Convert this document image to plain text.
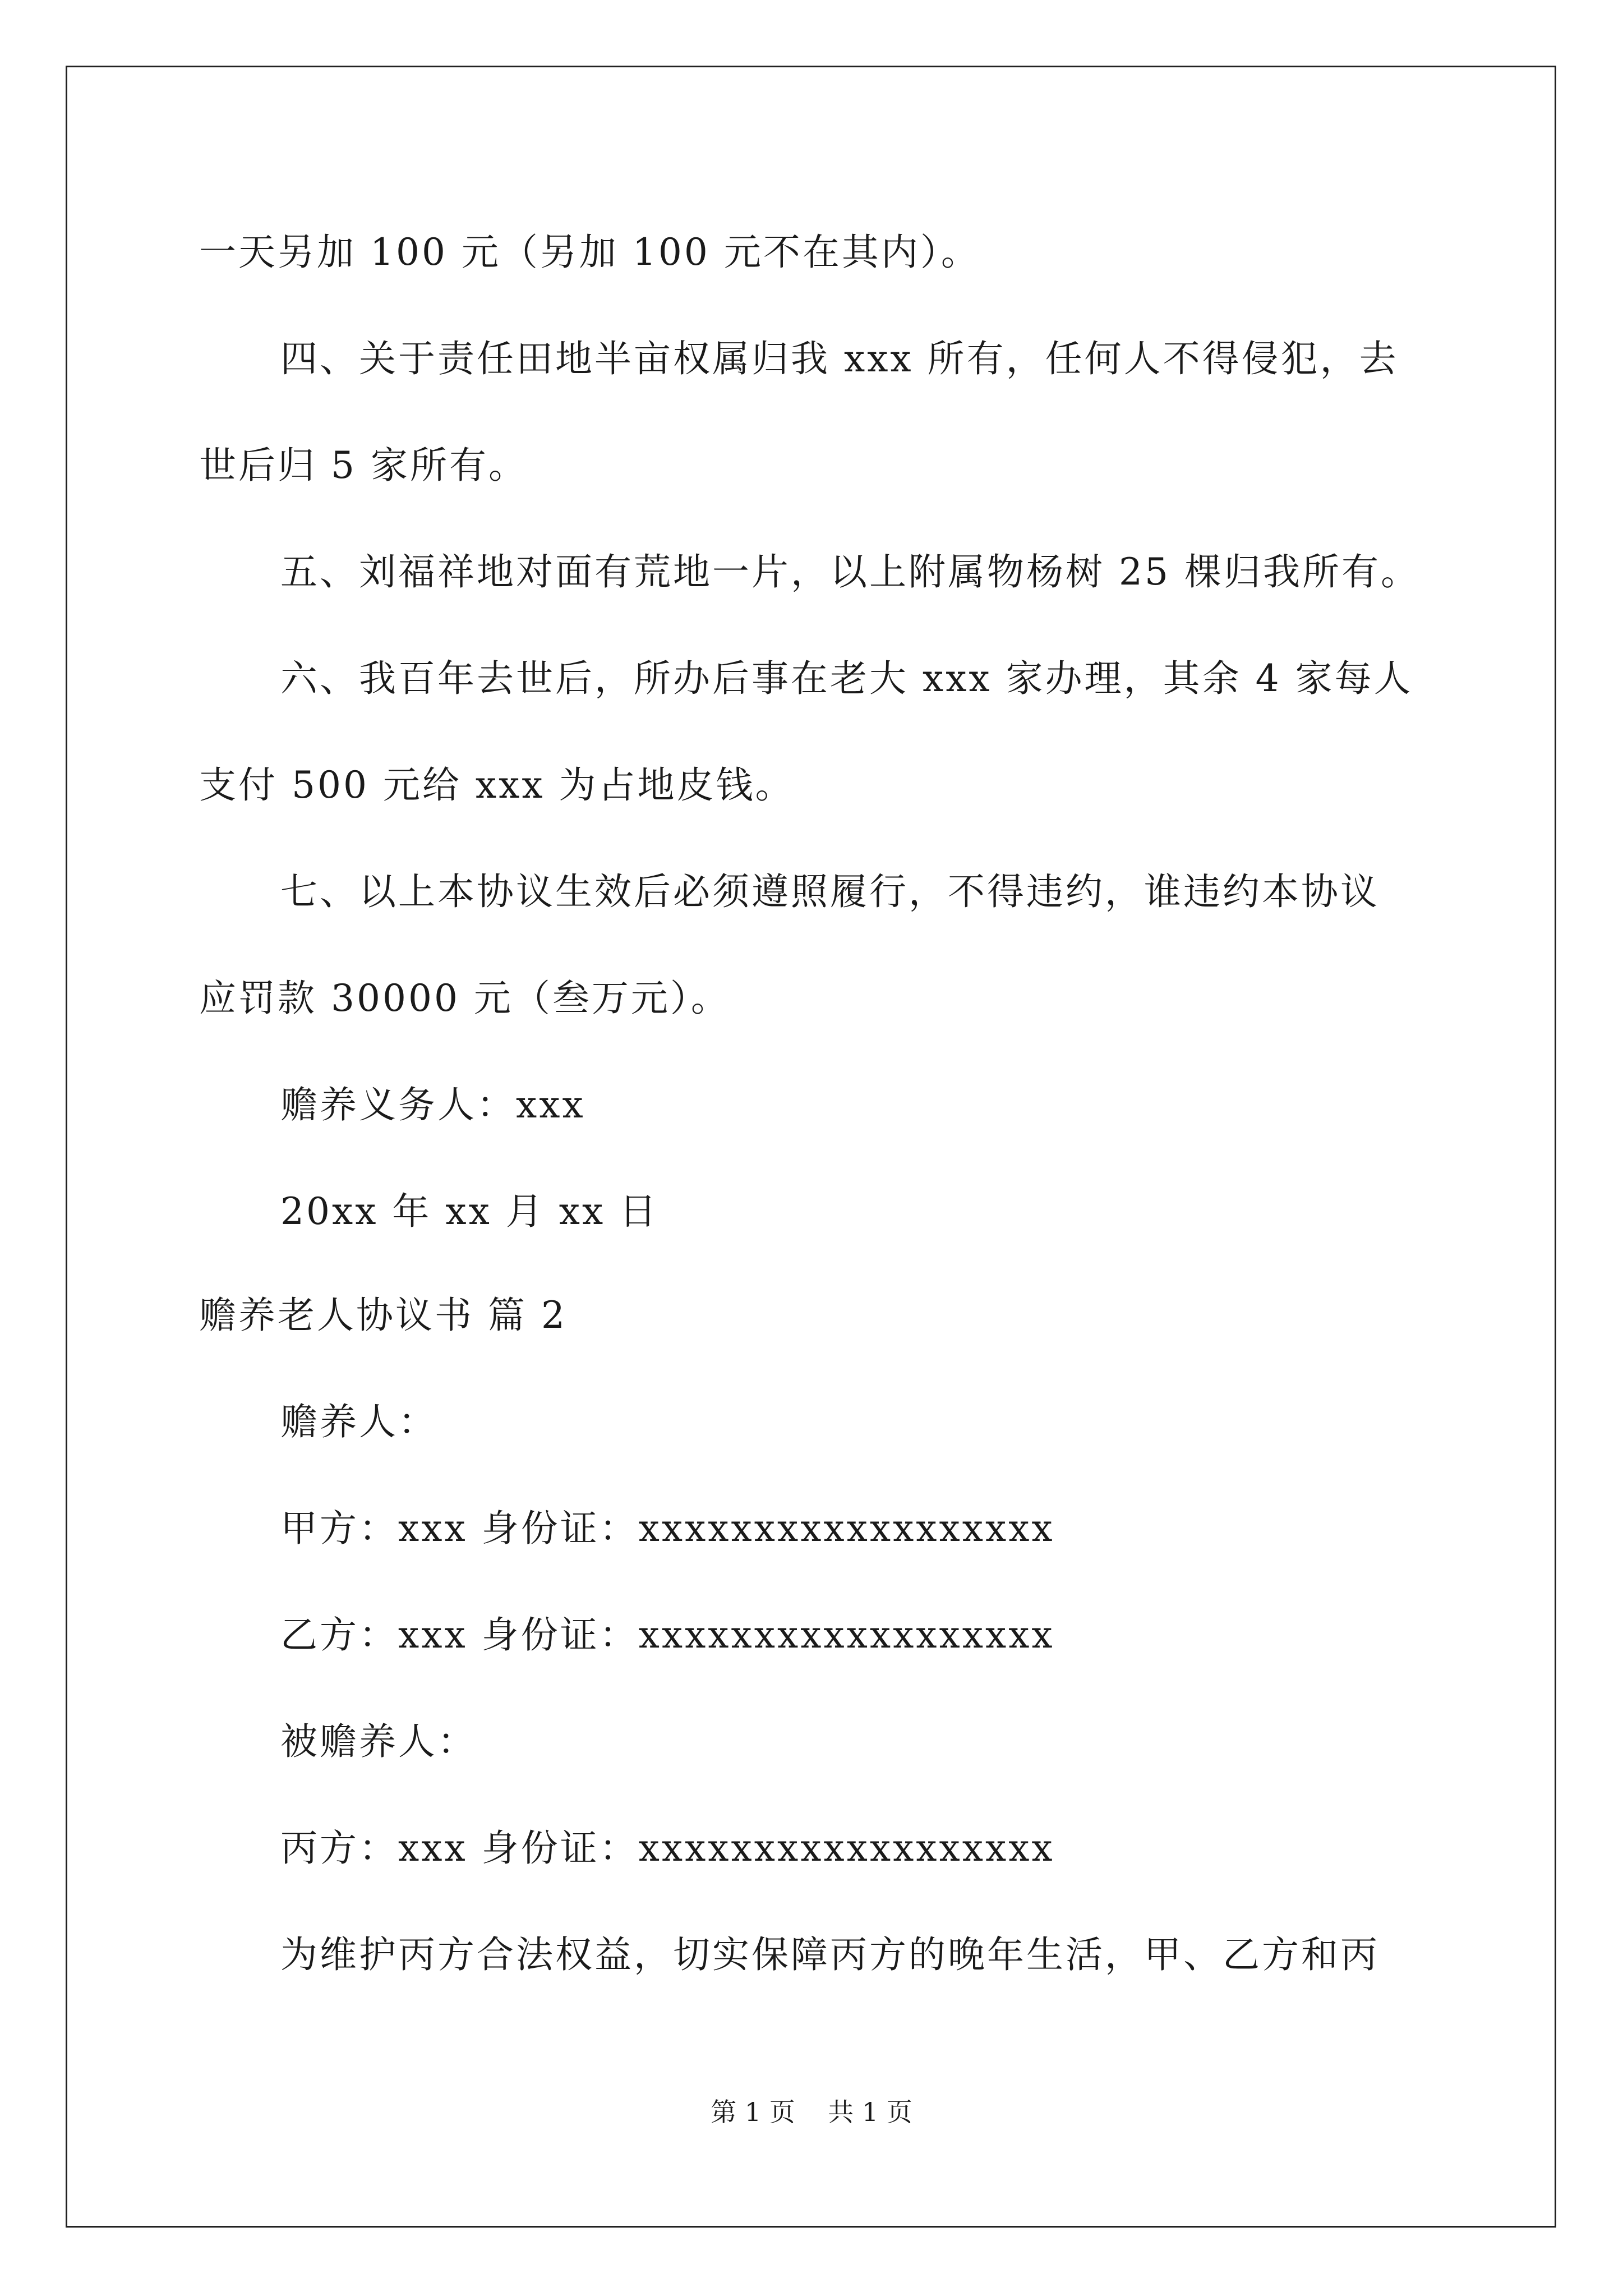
一天另加 100 元（另加 100 元不在其内）。
四、关于责任田地半亩权属归我 xxx 所有，任何人不得侵犯，去
世后归 5 家所有。
五、刘福祥地对面有荒地一片，以上附属物杨树 25 棵归我所有。
六、我百年去世后，所办后事在老大 xxx 家办理，其余 4 家每人
支付 500 元给 xxx 为占地皮钱。
七、以上本协议生效后必须遵照履行，不得违约，谁违约本协议
应罚款 30000 元（叁万元）。
赡养义务人：xxx
20xx 年 xx 月 xx 日
赡养老人协议书 篇 2
赡养人：
甲方：xxx 身份证：xxxxxxxxxxxxxxxxxx
乙方：xxx 身份证：xxxxxxxxxxxxxxxxxx
被赡养人：
丙方：xxx 身份证：xxxxxxxxxxxxxxxxxx
为维护丙方合法权益，切实保障丙方的晚年生活，甲、乙方和丙
第 1 页    共 1 页
